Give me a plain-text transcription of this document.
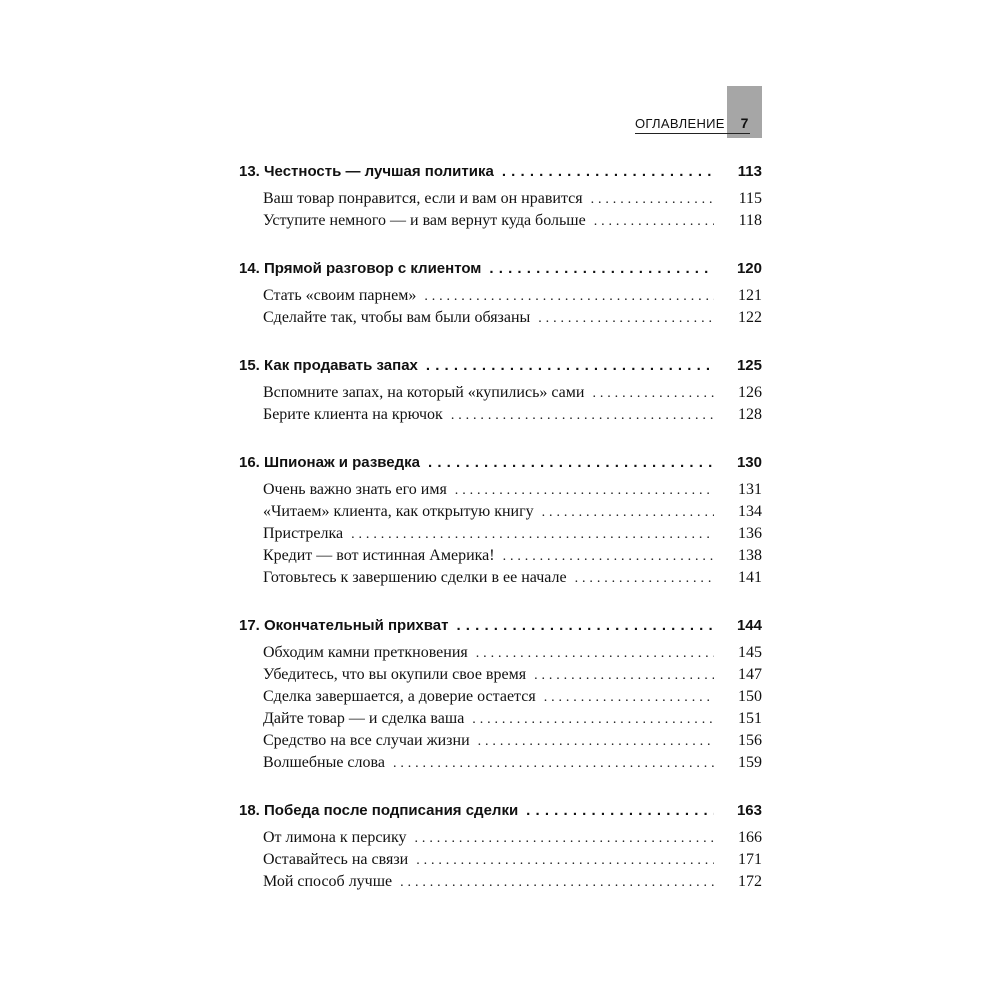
ОГЛАВЛЕНИЕ	7
13. Честность — лучшая политика . . .	113
Ваш товар понравится, если и вам он нравится . . .	115
Уступите немного — и вам вернут куда больше . . .	118
14. Прямой разговор с клиентом . . .	120
Стать «своим парнем» . . .	121
Сделайте так, чтобы вам были обязаны . . .	122
15. Как продавать запах . . .	125
Вспомните запах, на который «купились» сами . . .	126
Берите клиента на крючок . . .	128
16. Шпионаж и разведка . . .	130
Очень важно знать его имя . . .	131
«Читаем» клиента, как открытую книгу . . .	134
Пристрелка . . .	136
Кредит — вот истинная Америка! . . .	138
Готовьтесь к завершению сделки в ее начале . . .	141
17. Окончательный прихват . . .	144
Обходим камни преткновения . . .	145
Убедитесь, что вы окупили свое время . . .	147
Сделка завершается, а доверие остается . . .	150
Дайте товар — и сделка ваша . . .	151
Средство на все случаи жизни . . .	156
Волшебные слова . . .	159
18. Победа после подписания сделки . . .	163
От лимона к персику . . .	166
Оставайтесь на связи . . .	171
Мой способ лучше . . .	172
